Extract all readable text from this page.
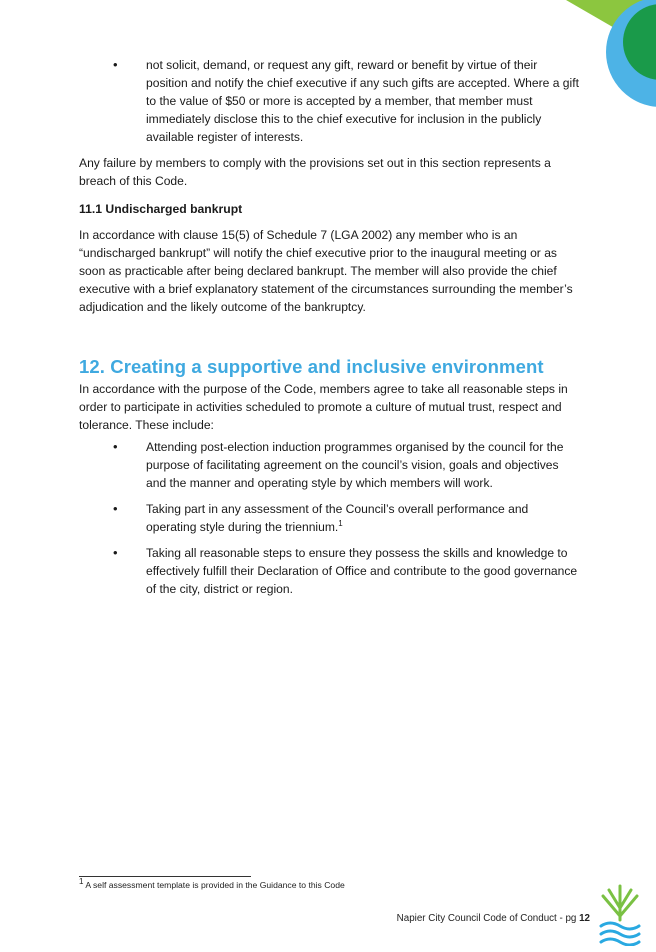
• not solicit, demand, or request any gift, reward or benefit by virtue of their position and notify the chief executive if any such gifts are accepted. Where a gift to the value of $50 or more is accepted by a member, that member must immediately disclose this to the chief executive for inclusion in the publicly available register of interests.

Any failure by members to comply with the provisions set out in this section represents a breach of this Code.

11.1 Undischarged bankrupt

In accordance with clause 15(5) of Schedule 7 (LGA 2002) any member who is an “undischarged bankrupt” will notify the chief executive prior to the inaugural meeting or as soon as practicable after being declared bankrupt. The member will also provide the chief executive with a brief explanatory statement of the circumstances surrounding the member’s adjudication and the likely outcome of the bankruptcy.

12. Creating a supportive and inclusive environment

In accordance with the purpose of the Code, members agree to take all reasonable steps in order to participate in activities scheduled to promote a culture of mutual trust, respect and tolerance. These include:

• Attending post-election induction programmes organised by the council for the purpose of facilitating agreement on the council’s vision, goals and objectives and the manner and operating style by which members will work.
• Taking part in any assessment of the Council’s overall performance and operating style during the triennium.$^1$
• Taking all reasonable steps to ensure they possess the skills and knowledge to effectively fulfill their Declaration of Office and contribute to the good governance of the city, district or region.
$^1$ A self assessment template is provided in the Guidance to this Code
Napier City Council Code of Conduct - pg 12
